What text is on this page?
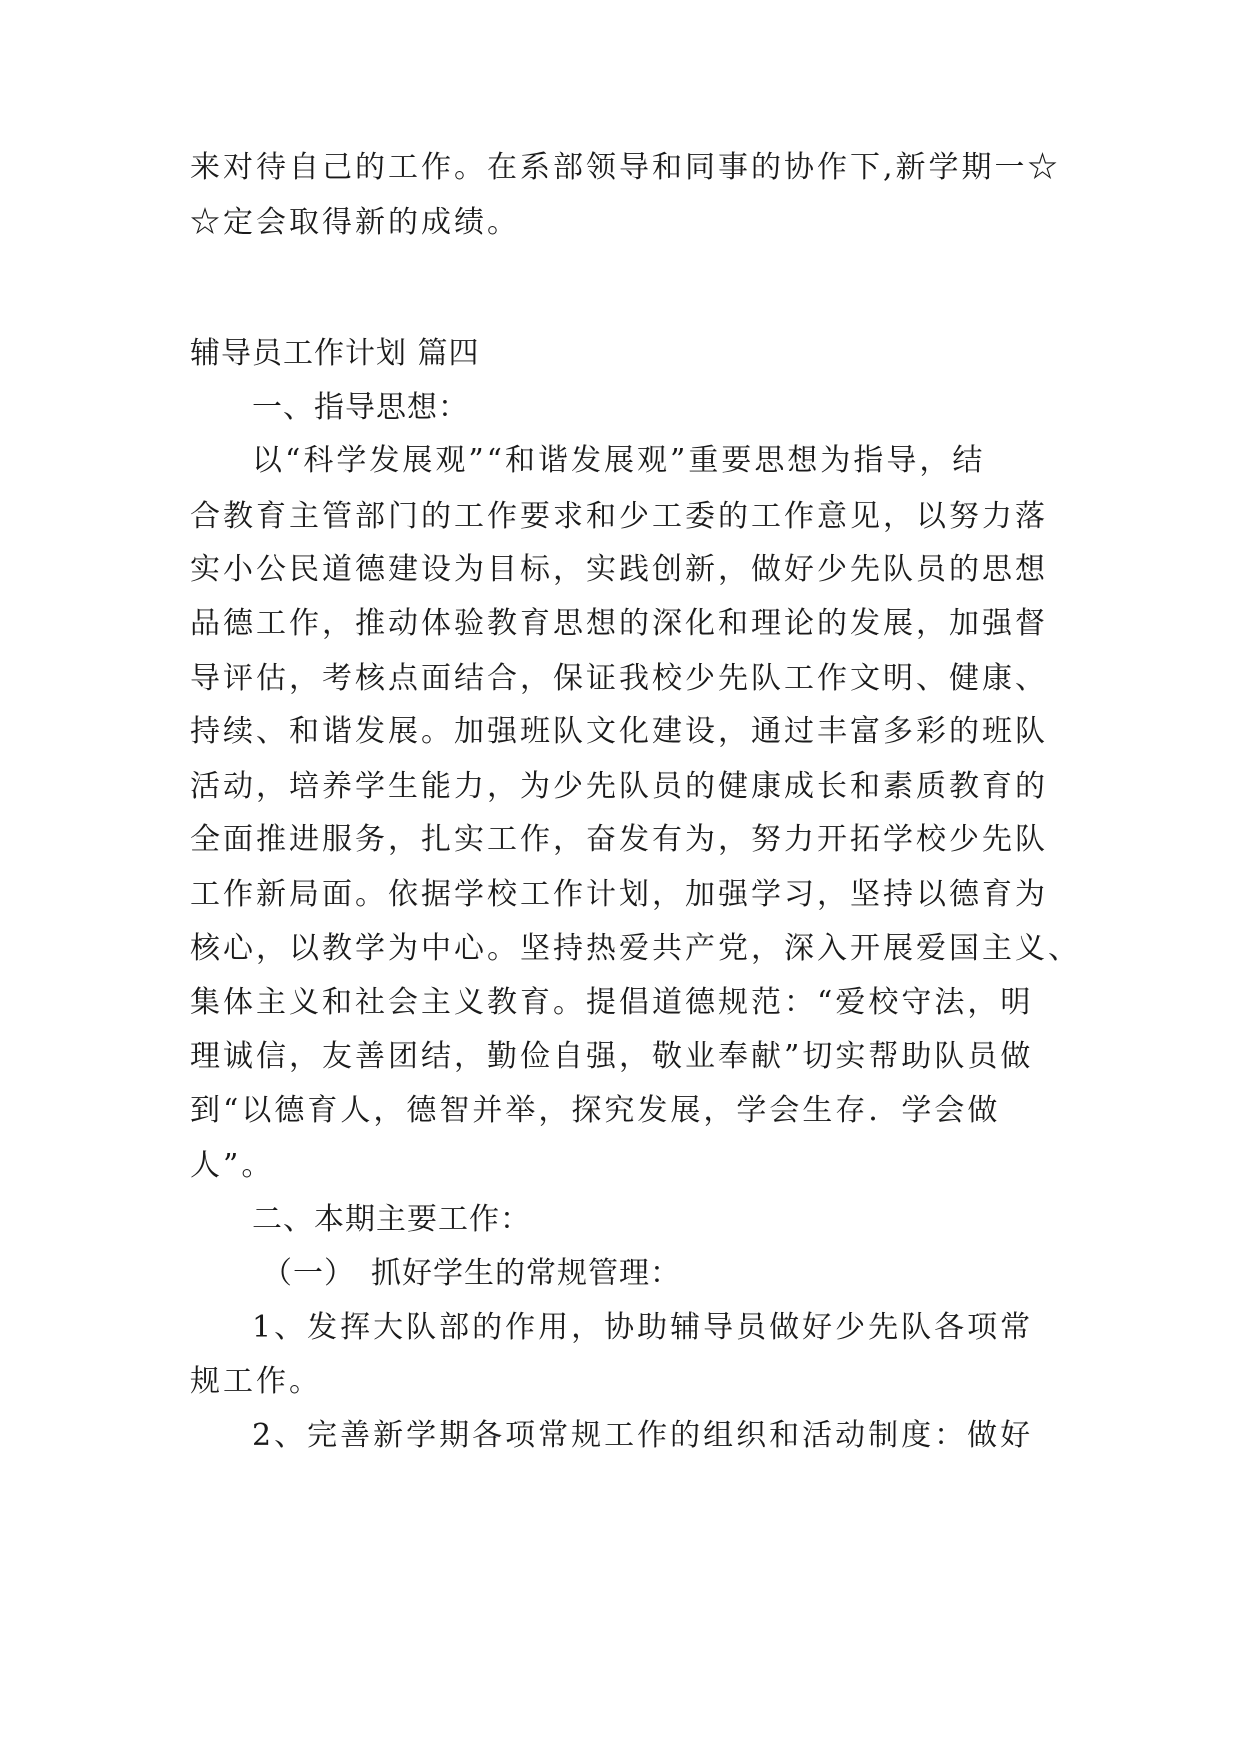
来对待自己的工作。在系部领导和同事的协作下,新学期一☆
☆定会取得新的成绩。
辅导员工作计划 篇四
一、指导思想：
以“科学发展观”“和谐发展观”重要思想为指导，结
合教育主管部门的工作要求和少工委的工作意见，以努力落
实小公民道德建设为目标，实践创新，做好少先队员的思想
品德工作，推动体验教育思想的深化和理论的发展，加强督
导评估，考核点面结合，保证我校少先队工作文明、健康、
持续、和谐发展。加强班队文化建设，通过丰富多彩的班队
活动，培养学生能力，为少先队员的健康成长和素质教育的
全面推进服务，扎实工作，奋发有为，努力开拓学校少先队
工作新局面。依据学校工作计划，加强学习，坚持以德育为
核心，以教学为中心。坚持热爱共产党，深入开展爱国主义、
集体主义和社会主义教育。提倡道德规范：“爱校守法，明
理诚信，友善团结，勤俭自强，敬业奉献”切实帮助队员做
到“以德育人，德智并举，探究发展，学会生存．学会做
人”。
二、本期主要工作：
（一）　抓好学生的常规管理：
1、发挥大队部的作用，协助辅导员做好少先队各项常
规工作。
2、完善新学期各项常规工作的组织和活动制度：做好
